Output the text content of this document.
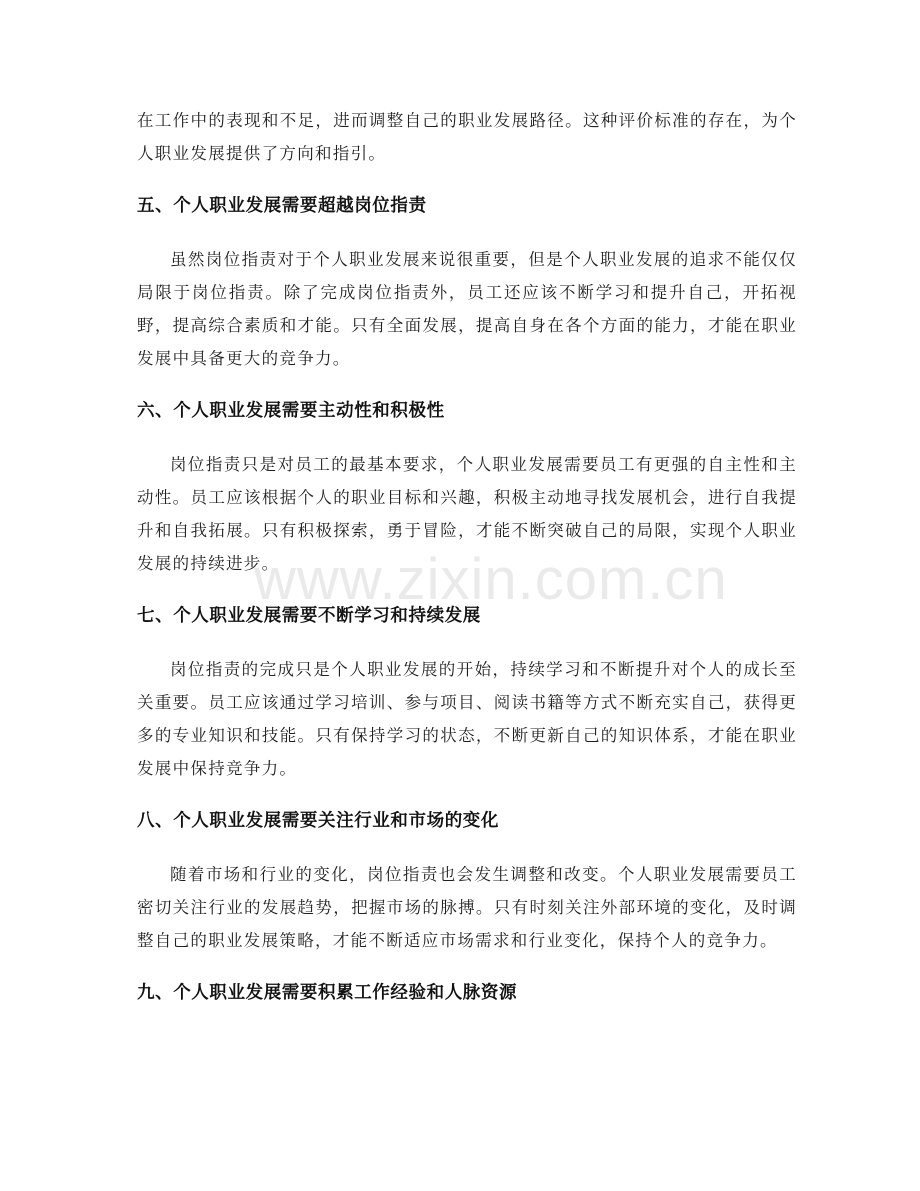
在工作中的表现和不足，进而调整自己的职业发展路径。这种评价标准的存在，为个人职业发展提供了方向和指引。

五、个人职业发展需要超越岗位指责

虽然岗位指责对于个人职业发展来说很重要，但是个人职业发展的追求不能仅仅局限于岗位指责。除了完成岗位指责外，员工还应该不断学习和提升自己，开拓视野，提高综合素质和才能。只有全面发展，提高自身在各个方面的能力，才能在职业发展中具备更大的竞争力。

六、个人职业发展需要主动性和积极性

岗位指责只是对员工的最基本要求，个人职业发展需要员工有更强的自主性和主动性。员工应该根据个人的职业目标和兴趣，积极主动地寻找发展机会，进行自我提升和自我拓展。只有积极探索，勇于冒险，才能不断突破自己的局限，实现个人职业发展的持续进步。

七、个人职业发展需要不断学习和持续发展

岗位指责的完成只是个人职业发展的开始，持续学习和不断提升对个人的成长至关重要。员工应该通过学习培训、参与项目、阅读书籍等方式不断充实自己，获得更多的专业知识和技能。只有保持学习的状态，不断更新自己的知识体系，才能在职业发展中保持竞争力。

八、个人职业发展需要关注行业和市场的变化

随着市场和行业的变化，岗位指责也会发生调整和改变。个人职业发展需要员工密切关注行业的发展趋势，把握市场的脉搏。只有时刻关注外部环境的变化，及时调整自己的职业发展策略，才能不断适应市场需求和行业变化，保持个人的竞争力。

九、个人职业发展需要积累工作经验和人脉资源
www.zixin.com.cn
